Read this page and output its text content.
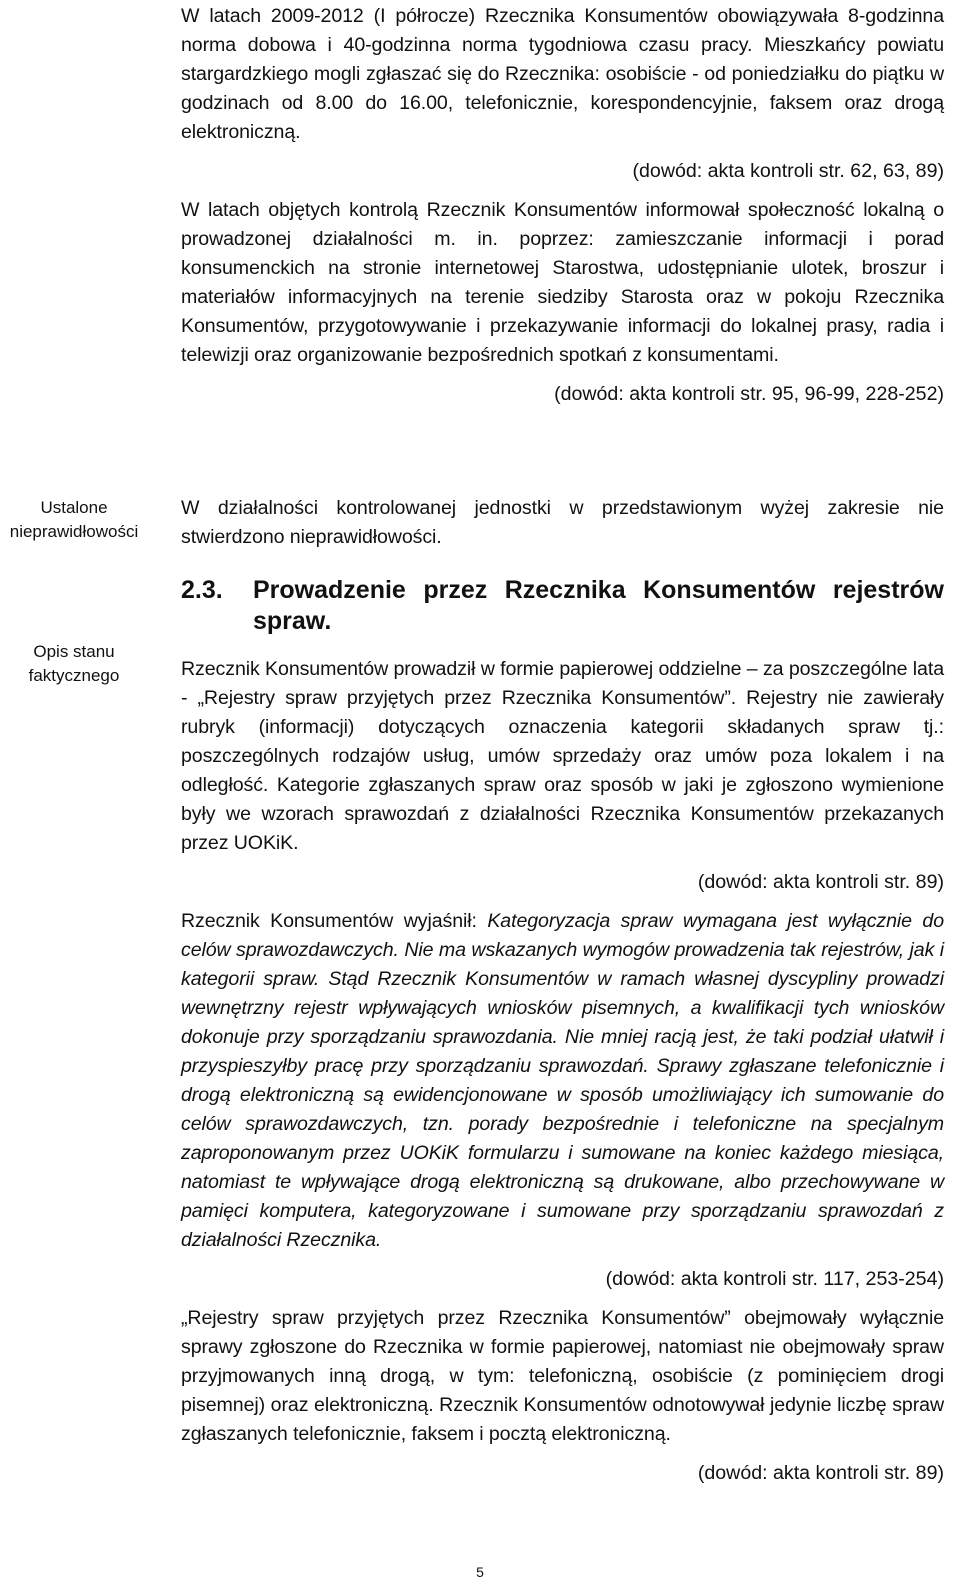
W latach 2009-2012 (I półrocze) Rzecznika Konsumentów obowiązywała 8-godzinna norma dobowa i 40-godzinna norma tygodniowa czasu pracy. Mieszkańcy powiatu stargardzkiego mogli zgłaszać się do Rzecznika: osobiście - od poniedziałku do piątku w godzinach od 8.00 do 16.00, telefonicznie, korespondencyjnie, faksem oraz drogą elektroniczną.

(dowód: akta kontroli str. 62, 63, 89)

W latach objętych kontrolą Rzecznik Konsumentów informował społeczność lokalną o prowadzonej działalności m. in. poprzez: zamieszczanie informacji i porad konsumenckich na stronie internetowej Starostwa, udostępnianie ulotek, broszur i materiałów informacyjnych na terenie siedziby Starosta oraz w pokoju Rzecznika Konsumentów, przygotowywanie i przekazywanie informacji do lokalnej prasy, radia i telewizji oraz organizowanie bezpośrednich spotkań z konsumentami.

(dowód: akta kontroli str. 95, 96-99, 228-252)

Ustalone nieprawidłowości

W działalności kontrolowanej jednostki w przedstawionym wyżej zakresie nie stwierdzono nieprawidłowości.

Opis stanu faktycznego
2.3.	Prowadzenie przez Rzecznika Konsumentów rejestrów spraw.

Rzecznik Konsumentów prowadził w formie papierowej oddzielne – za poszczególne lata - „Rejestry spraw przyjętych przez Rzecznika Konsumentów”. Rejestry nie zawierały rubryk (informacji) dotyczących oznaczenia kategorii składanych spraw tj.: poszczególnych rodzajów usług, umów sprzedaży oraz umów poza lokalem i na odległość. Kategorie zgłaszanych spraw oraz sposób w jaki je zgłoszono wymienione były we wzorach sprawozdań z działalności Rzecznika Konsumentów przekazanych przez UOKiK.

(dowód: akta kontroli str. 89)

Rzecznik Konsumentów wyjaśnił: Kategoryzacja spraw wymagana jest wyłącznie do celów sprawozdawczych. Nie ma wskazanych wymogów prowadzenia tak rejestrów, jak i kategorii spraw. Stąd Rzecznik Konsumentów w ramach własnej dyscypliny prowadzi wewnętrzny rejestr wpływających wniosków pisemnych, a kwalifikacji tych wniosków dokonuje przy sporządzaniu sprawozdania. Nie mniej racją jest, że taki podział ułatwił i przyspieszyłby pracę przy sporządzaniu sprawozdań. Sprawy zgłaszane telefonicznie i drogą elektroniczną są ewidencjonowane w sposób umożliwiający ich sumowanie do celów sprawozdawczych, tzn. porady bezpośrednie i telefoniczne na specjalnym zaproponowanym przez UOKiK formularzu i sumowane na koniec każdego miesiąca, natomiast te wpływające drogą elektroniczną są drukowane, albo przechowywane w pamięci komputera, kategoryzowane i sumowane przy sporządzaniu sprawozdań z działalności Rzecznika.

(dowód: akta kontroli str. 117, 253-254)

„Rejestry spraw przyjętych przez Rzecznika Konsumentów” obejmowały wyłącznie sprawy zgłoszone do Rzecznika w formie papierowej, natomiast nie obejmowały spraw przyjmowanych inną drogą, w tym: telefoniczną, osobiście (z pominięciem drogi pisemnej) oraz elektroniczną. Rzecznik Konsumentów odnotowywał jedynie liczbę spraw zgłaszanych telefonicznie, faksem i pocztą elektroniczną.

(dowód: akta kontroli str. 89)

5
